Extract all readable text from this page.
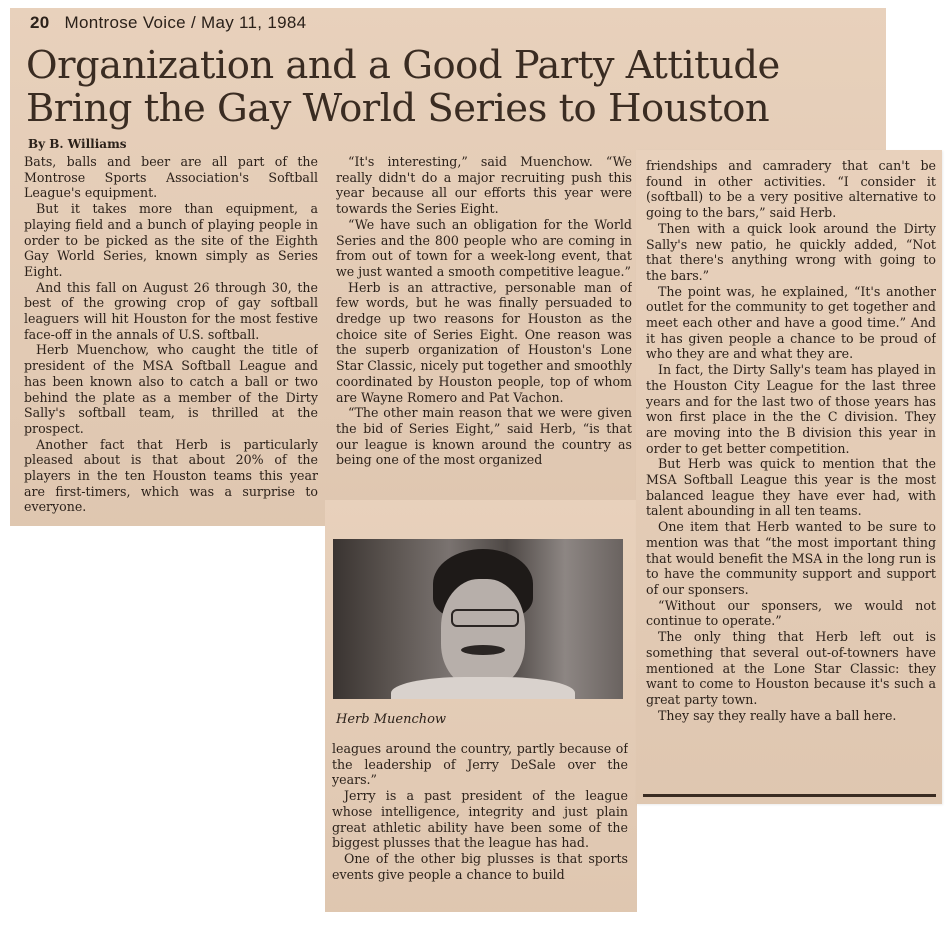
20 Montrose Voice / May 11, 1984
Organization and a Good Party Attitude Bring the Gay World Series to Houston
By B. Williams

Bats, balls and beer are all part of the Montrose Sports Association's Softball League's equipment.

But it takes more than equipment, a playing field and a bunch of playing people in order to be picked as the site of the Eighth Gay World Series, known simply as Series Eight.

And this fall on August 26 through 30, the best of the growing crop of gay softball leaguers will hit Houston for the most festive face-off in the annals of U.S. softball.

Herb Muenchow, who caught the title of president of the MSA Softball League and has been known also to catch a ball or two behind the plate as a member of the Dirty Sally's softball team, is thrilled at the prospect.

Another fact that Herb is particularly pleased about is that about 20% of the players in the ten Houston teams this year are first-timers, which was a surprise to everyone.

“It's interesting,” said Muenchow. “We really didn't do a major recruiting push this year because all our efforts this year were towards the Series Eight.

“We have such an obligation for the World Series and the 800 people who are coming in from out of town for a week-long event, that we just wanted a smooth competitive league.”

Herb is an attractive, personable man of few words, but he was finally persuaded to dredge up two reasons for Houston as the choice site of Series Eight. One reason was the superb organization of Houston's Lone Star Classic, nicely put together and smoothly coordinated by Houston people, top of whom are Wayne Romero and Pat Vachon.

“The other main reason that we were given the bid of Series Eight,” said Herb, “is that our league is known around the country as being one of the most organized

Herb Muenchow

leagues around the country, partly because of the leadership of Jerry DeSale over the years.”

Jerry is a past president of the league whose intelligence, integrity and just plain great athletic ability have been some of the biggest plusses that the league has had.

One of the other big plusses is that sports events give people a chance to build

friendships and camradery that can't be found in other activities. “I consider it (softball) to be a very positive alternative to going to the bars,” said Herb.

Then with a quick look around the Dirty Sally's new patio, he quickly added, “Not that there's anything wrong with going to the bars.”

The point was, he explained, “It's another outlet for the community to get together and meet each other and have a good time.” And it has given people a chance to be proud of who they are and what they are.

In fact, the Dirty Sally's team has played in the Houston City League for the last three years and for the last two of those years has won first place in the the C division. They are moving into the B division this year in order to get better competition.

But Herb was quick to mention that the MSA Softball League this year is the most balanced league they have ever had, with talent abounding in all ten teams.

One item that Herb wanted to be sure to mention was that “the most important thing that would benefit the MSA in the long run is to have the community support and support of our sponsers.

“Without our sponsers, we would not continue to operate.”

The only thing that Herb left out is something that several out-of-towners have mentioned at the Lone Star Classic: they want to come to Houston because it's such a great party town.

They say they really have a ball here.
